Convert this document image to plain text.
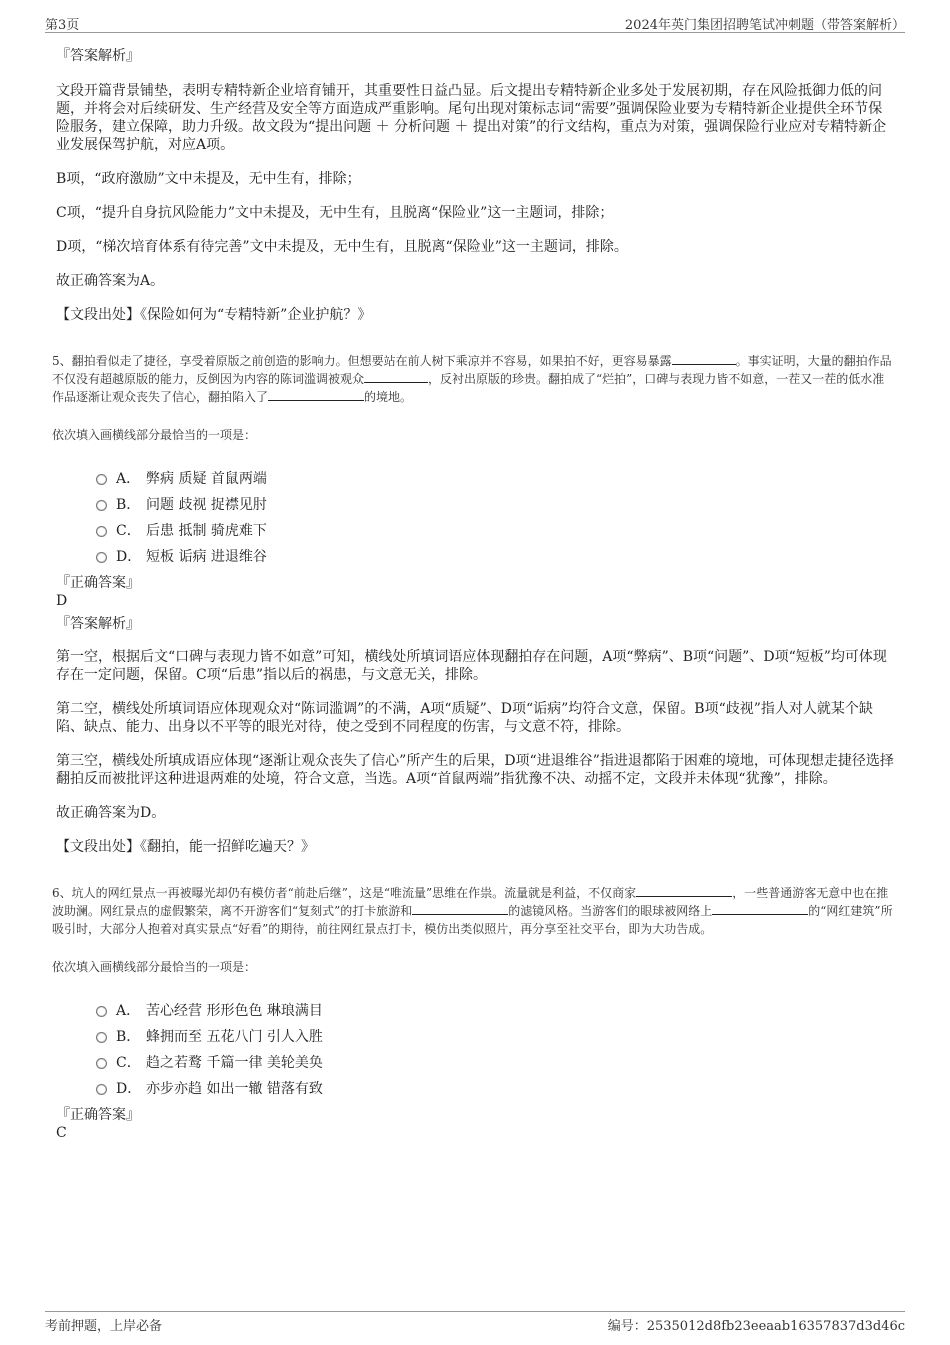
第3页	2024年英门集团招聘笔试冲刺题（带答案解析）

『答案解析』

文段开篇背景铺垫，表明专精特新企业培育铺开，其重要性日益凸显。后文提出专精特新企业多处于发展初期，存在风险抵御力低的问题，并将会对后续研发、生产经营及安全等方面造成严重影响。尾句出现对策标志词“需要”强调保险业要为专精特新企业提供全环节保险服务，建立保障，助力升级。故文段为“提出问题 ＋ 分析问题 ＋ 提出对策”的行文结构，重点为对策，强调保险行业应对专精特新企业发展保驾护航，对应A项。

B项，“政府激励”文中未提及，无中生有，排除；

C项，“提升自身抗风险能力”文中未提及，无中生有，且脱离“保险业”这一主题词，排除；

D项，“梯次培育体系有待完善”文中未提及，无中生有，且脱离“保险业”这一主题词，排除。

故正确答案为A。

【文段出处】《保险如何为“专精特新”企业护航？》

5、翻拍看似走了捷径，享受着原版之前创造的影响力。但想要站在前人树下乘凉并不容易，如果拍不好，更容易暴露	。事实证明，大量的翻拍作品不仅没有超越原版的能力，反倒因为内容的陈词滥调被观众	，反衬出原版的珍贵。翻拍成了“烂拍”，口碑与表现力皆不如意，一茬又一茬的低水准作品逐渐让观众丧失了信心，翻拍陷入了	的境地。

依次填入画横线部分最恰当的一项是：

A． 弊病 质疑 首鼠两端
B． 问题 歧视 捉襟见肘
C． 后患 抵制 骑虎难下
D． 短板 诟病 进退维谷

『正确答案』

D

『答案解析』

第一空，根据后文“口碑与表现力皆不如意”可知，横线处所填词语应体现翻拍存在问题，A项“弊病”、B项“问题”、D项“短板”均可体现存在一定问题，保留。C项“后患”指以后的祸患，与文意无关，排除。

第二空，横线处所填词语应体现观众对“陈词滥调”的不满，A项“质疑”、D项“诟病”均符合文意，保留。B项“歧视”指人对人就某个缺陷、缺点、能力、出身以不平等的眼光对待，使之受到不同程度的伤害，与文意不符，排除。

第三空，横线处所填成语应体现“逐渐让观众丧失了信心”所产生的后果，D项“进退维谷”指进退都陷于困难的境地，可体现想走捷径选择翻拍反而被批评这种进退两难的处境，符合文意，当选。A项“首鼠两端”指犹豫不决、动摇不定，文段并未体现“犹豫”，排除。

故正确答案为D。

【文段出处】《翻拍，能一招鲜吃遍天？》

6、坑人的网红景点一再被曝光却仍有模仿者“前赴后继”，这是“唯流量”思维在作祟。流量就是利益，不仅商家	，一些普通游客无意中也在推波助澜。网红景点的虚假繁荣，离不开游客们“复刻式”的打卡旅游和	的滤镜风格。当游客们的眼球被网络上	的“网红建筑”所吸引时，大部分人抱着对真实景点“好看”的期待，前往网红景点打卡，模仿出类似照片，再分享至社交平台，即为大功告成。

依次填入画横线部分最恰当的一项是：

A． 苦心经营 形形色色 琳琅满目
B． 蜂拥而至 五花八门 引人入胜
C． 趋之若鹜 千篇一律 美轮美奂
D． 亦步亦趋 如出一辙 错落有致

『正确答案』

C

考前押题，上岸必备	编号：2535012d8fb23eeaab16357837d3d46c
